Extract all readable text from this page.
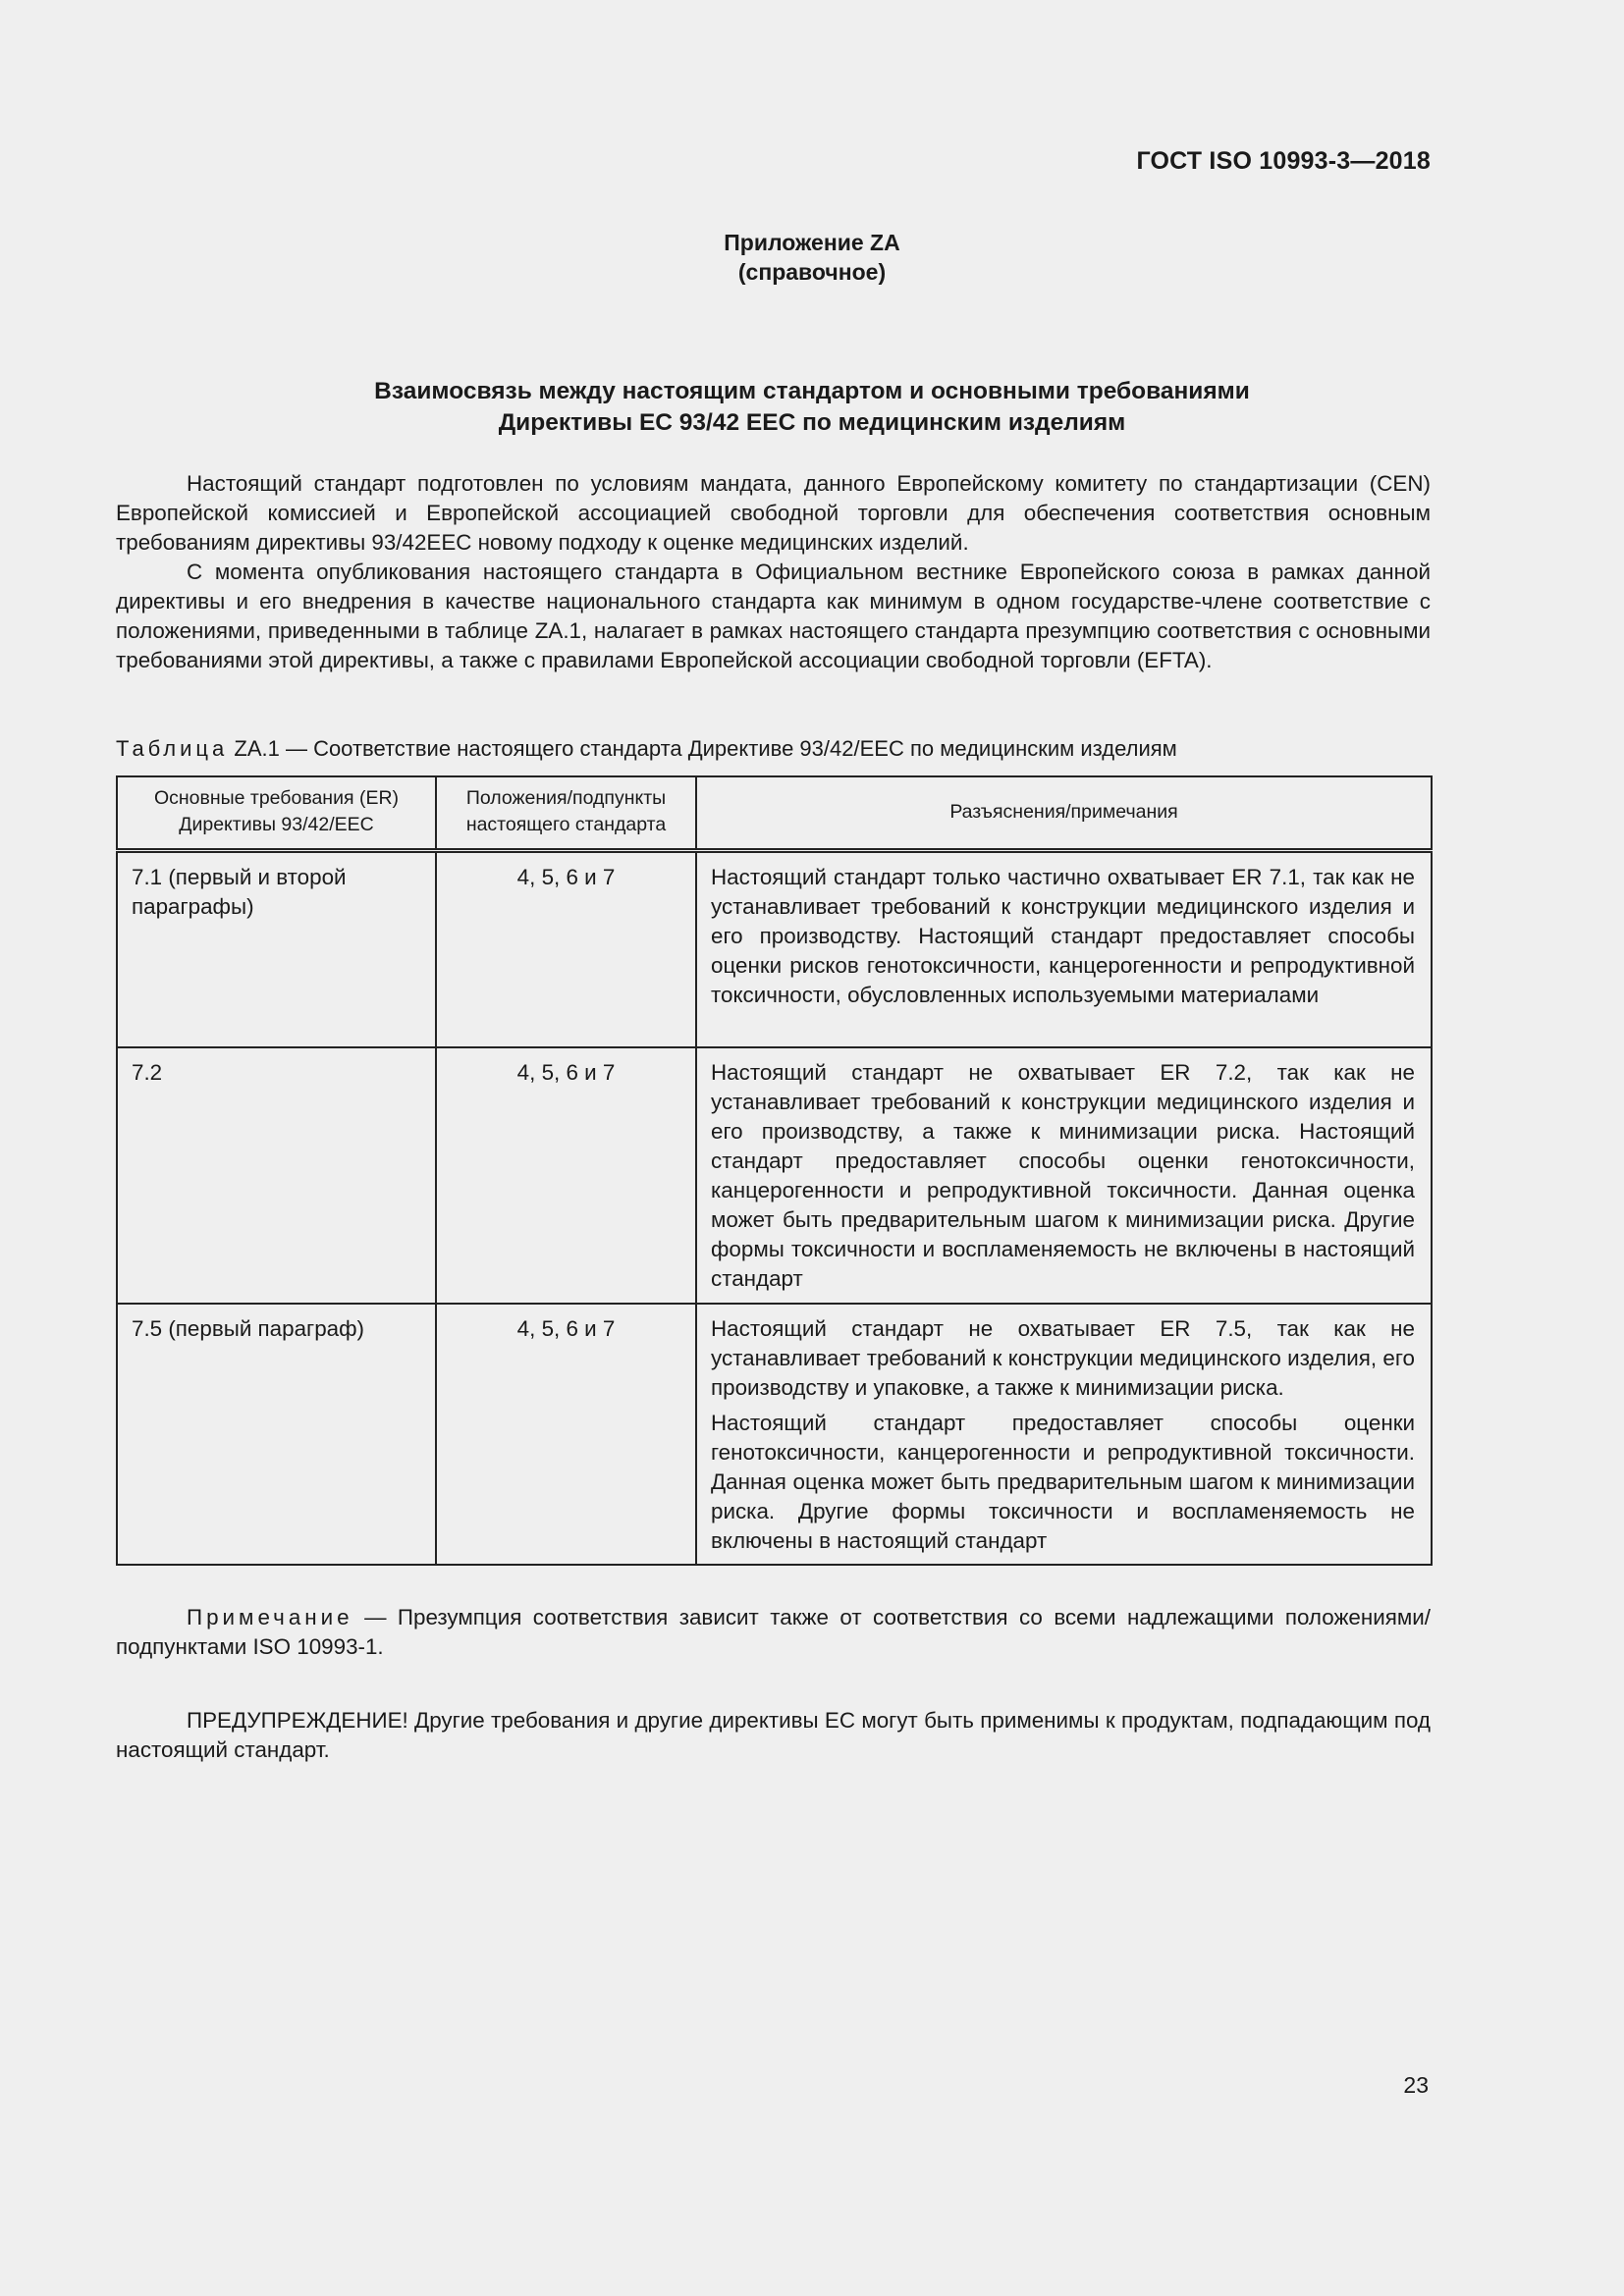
ГОСТ ISO 10993-3—2018
Приложение ZA
(справочное)
Взаимосвязь между настоящим стандартом и основными требованиями
Директивы ЕС 93/42 ЕЕС по медицинским изделиям

Настоящий стандарт подготовлен по условиям мандата, данного Европейскому комитету по стандартизации (CEN) Европейской комиссией и Европейской ассоциацией свободной торговли для обеспечения соответствия основным требованиям директивы 93/42ЕЕС новому подходу к оценке медицинских изделий.

С момента опубликования настоящего стандарта в Официальном вестнике Европейского союза в рамках данной директивы и его внедрения в качестве национального стандарта как минимум в одном государстве-члене соответствие с положениями, приведенными в таблице ZA.1, налагает в рамках настоящего стандарта презумпцию соответствия с основными требованиями этой директивы, а также с правилами Европейской ассоциации свободной торговли (EFTA).

Таблица ZA.1 — Соответствие настоящего стандарта Директиве 93/42/ЕЕС по медицинским изделиям
Основные требования (ER) Директивы 93/42/ЕЕС	Положения/подпункты настоящего стандарта	Разъяснения/примечания
7.1 (первый и второй параграфы)	4, 5, 6 и 7	Настоящий стандарт только частично охватывает ER 7.1, так как не устанавливает требований к конструкции медицинского изделия и его производству. Настоящий стандарт предоставляет способы оценки рисков генотоксичности, канцерогенности и репродуктивной токсичности, обусловленных используемыми материалами

7.2	4, 5, 6 и 7	Настоящий стандарт не охватывает ER 7.2, так как не устанавливает требований к конструкции медицинского изделия и его производству, а также к минимизации риска. Настоящий стандарт предоставляет способы оценки генотоксичности, канцерогенности и репродуктивной токсичности. Данная оценка может быть предварительным шагом к минимизации риска. Другие формы токсичности и воспламеняемость не включены в настоящий стандарт

7.5 (первый параграф)	4, 5, 6 и 7	Настоящий стандарт не охватывает ER 7.5, так как не устанавливает требований к конструкции медицинского изделия, его производству и упаковке, а также к минимизации риска.

Настоящий стандарт предоставляет способы оценки генотоксичности, канцерогенности и репродуктивной токсичности. Данная оценка может быть предварительным шагом к минимизации риска. Другие формы токсичности и воспламеняемость не включены в настоящий стандарт

Примечание — Презумпция соответствия зависит также от соответствия со всеми надлежащими положениями/подпунктами ISO 10993-1.

ПРЕДУПРЕЖДЕНИЕ! Другие требования и другие директивы ЕС могут быть применимы к продуктам, подпадающим под настоящий стандарт.

23
